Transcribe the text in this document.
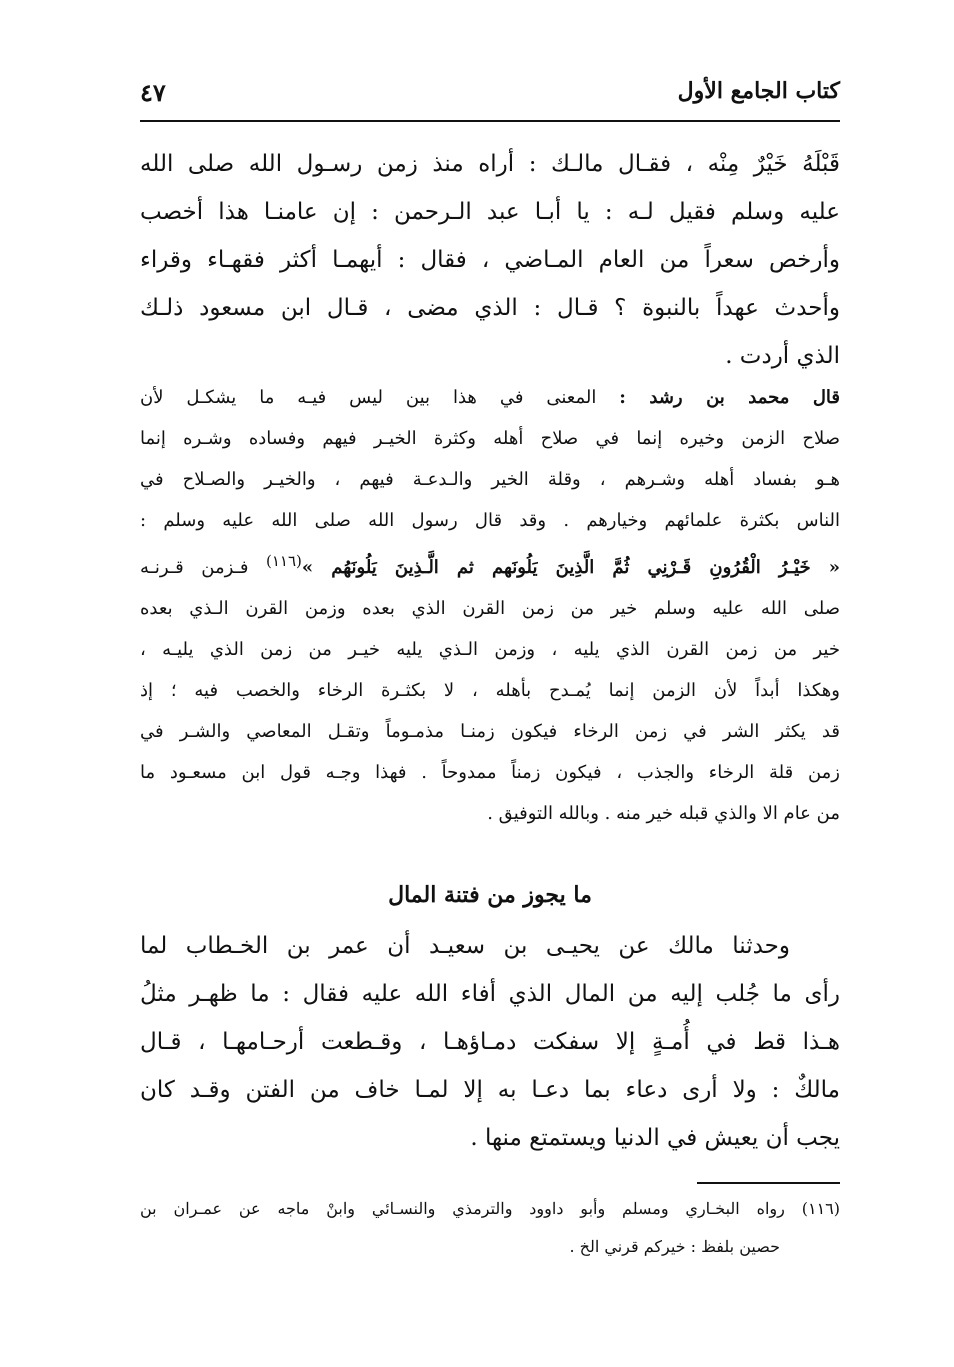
كتاب الجامع الأول
٤٧
قَبْلَهُ خَيْرٌ مِنْه ، فقـال مالـك : أراه منذ زمن رسـول الله صلى الله
عليه وسلم فقيل لـه : يا أبـا عبد الـرحمن : إن عامنـا هذا أخصب
وأرخص سعراً من العام المـاضي ، فقال : أيهمـا أكثر فقهـاء وقراء
وأحدث عهداً بالنبوة ؟ قـال : الذي مضى ، قـال ابن مسعود ذلـك
الذي أردت .
قال محمد بن رشد : المعنى في هذا بين ليس فيـه ما يشكـل لأن
صلاح الزمن وخيره إنما في صلاح أهله وكثرة الخيـر فيهم وفساده وشـره إنما
هـو بفساد أهله وشـرهم ، وقلة الخير والـدعـة فيهم ، والخيـر والصـلاح في
الناس بكثرة علمائهم وخيارهم . وقد قال رسول الله صلى الله عليه وسلم :
« خَيْـرُ الْقُرُونِ قَـرْنِي ثُمَّ الَّذِينَ يَلُونَهم ثم الَّـذِينَ يَلُونَهُم »$^{(١١٦)}$ فـزمن قـرنـه
صلى الله عليه وسلم خير من زمن القرن الذي بعده وزمن القرن الـذي بعده
خير من زمن القرن الذي يليه ، وزمن الـذي يليه خيـر من زمن الذي يليـه ،
وهكذا أبداً لأن الزمن إنما يُمـدح بأهله ، لا بكثـرة الرخاء والخصب فيه ؛ إذ
قد يكثر الشر في زمن الرخاء فيكون زمنـا مذمـوماً وتقـل المعاصي والشـر في
زمن قلة الرخاء والجذب ، فيكون زمناً ممدوحاً . فهذا وجـه قول ابن مسعـود ما
من عام الا والذي قبله خير منه . وبالله التوفيق .
ما يجوز من فتنة المال
وحدثنا مالك عن يحيـى بن سعيـد أن عمر بن الخـطاب لما
رأى ما جُلب إليه من المال الذي أفاء الله عليه فقال : ما ظهـر مثلُ
هـذا قط في أُمـةٍ إلا سفكت دمـاؤهـا ، وقـطعت أرحـامهـا ، قـال
مالكٌ : ولا أرى دعاء بما دعـا به إلا لمـا خاف من الفتن وقـد كان
يجب أن يعيش في الدنيا ويستمتع منها .
(١١٦) رواه البخـاري ومسلم وأبو داوود والترمذي والنسـائي وابنْ ماجه عن عمـران بن
حصين بلفظ : خيركم قرني الخ .
